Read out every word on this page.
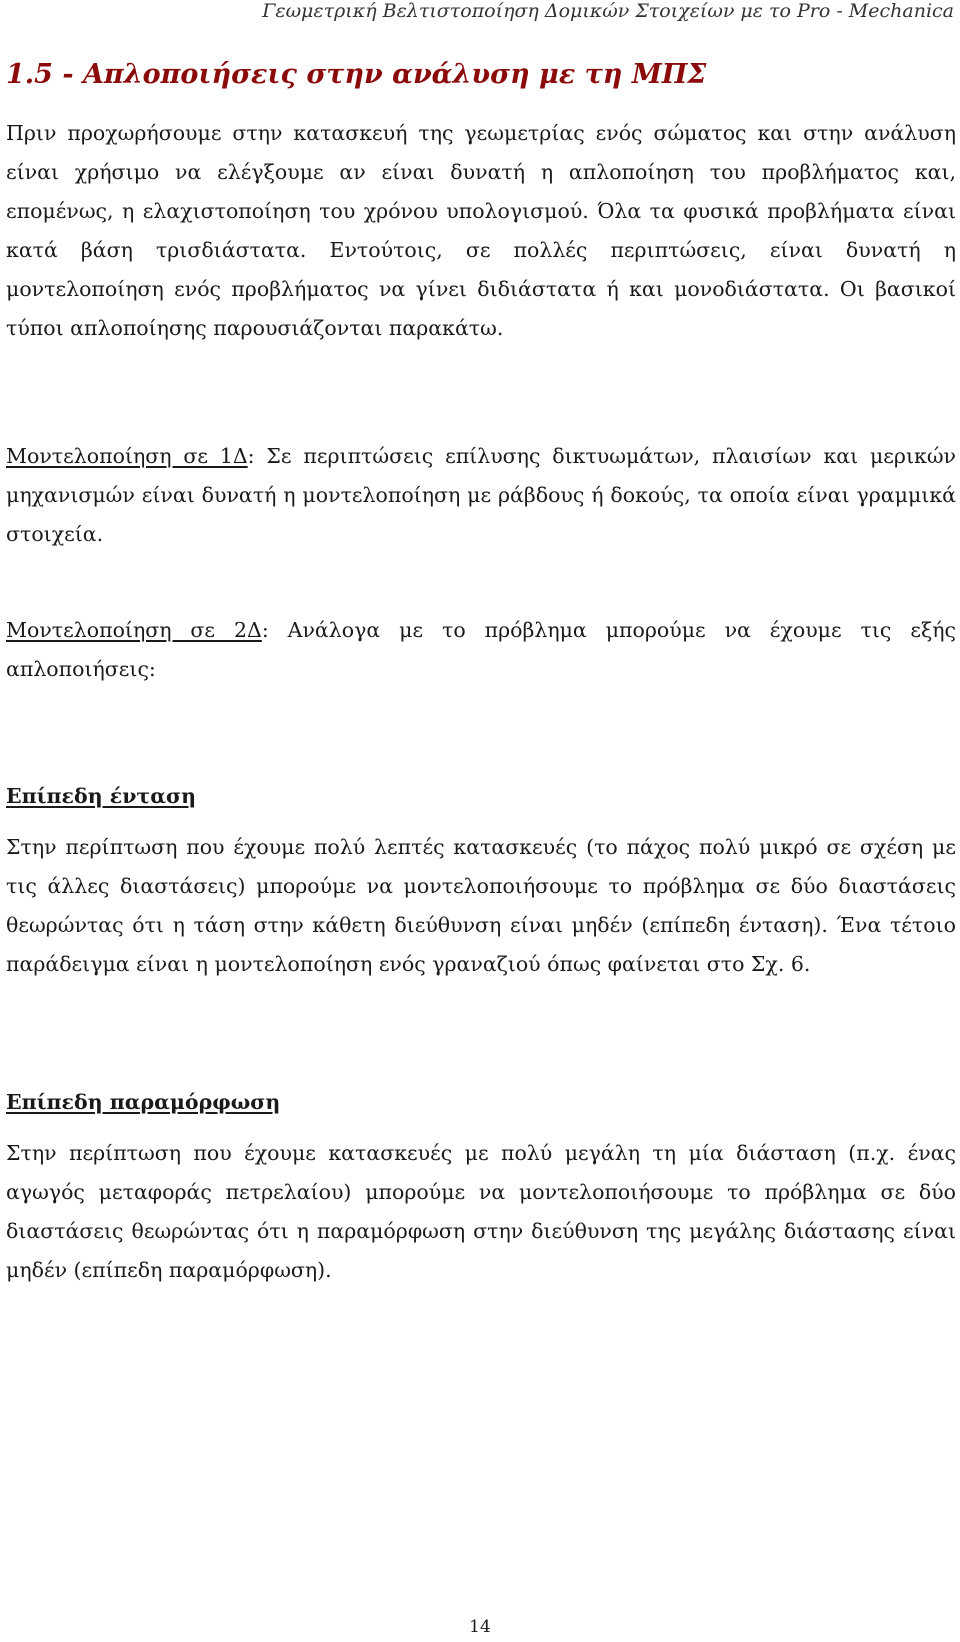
Γεωμετρική Βελτιστοποίηση Δομικών Στοιχείων με το Pro - Mechanica
1.5 - Απλοποιήσεις στην ανάλυση με τη ΜΠΣ

Πριν προχωρήσουμε στην κατασκευή της γεωμετρίας ενός σώματος και στην ανάλυση είναι χρήσιμο να ελέγξουμε αν είναι δυνατή η απλοποίηση του προβλήματος και, επομένως, η ελαχιστοποίηση του χρόνου υπολογισμού. Όλα τα φυσικά προβλήματα είναι κατά βάση τρισδιάστατα. Εντούτοις, σε πολλές περιπτώσεις, είναι δυνατή η μοντελοποίηση ενός προβλήματος να γίνει διδιάστατα ή και μονοδιάστατα. Οι βασικοί τύποι απλοποίησης παρουσιάζονται παρακάτω.

Μοντελοποίηση σε 1Δ: Σε περιπτώσεις επίλυσης δικτυωμάτων, πλαισίων και μερικών μηχανισμών είναι δυνατή η μοντελοποίηση με ράβδους ή δοκούς, τα οποία είναι γραμμικά στοιχεία.

Μοντελοποίηση σε 2Δ: Ανάλογα με το πρόβλημα μπορούμε να έχουμε τις εξής απλοποιήσεις:

Επίπεδη ένταση

Στην περίπτωση που έχουμε πολύ λεπτές κατασκευές (το πάχος πολύ μικρό σε σχέση με τις άλλες διαστάσεις) μπορούμε να μοντελοποιήσουμε το πρόβλημα σε δύο διαστάσεις θεωρώντας ότι η τάση στην κάθετη διεύθυνση είναι μηδέν (επίπεδη ένταση). Ένα τέτοιο παράδειγμα είναι η μοντελοποίηση ενός γραναζιού όπως φαίνεται στο Σχ. 6.

Επίπεδη παραμόρφωση

Στην περίπτωση που έχουμε κατασκευές με πολύ μεγάλη τη μία διάσταση (π.χ. ένας αγωγός μεταφοράς πετρελαίου) μπορούμε να μοντελοποιήσουμε το πρόβλημα σε δύο διαστάσεις θεωρώντας ότι η παραμόρφωση στην διεύθυνση της μεγάλης διάστασης είναι μηδέν (επίπεδη παραμόρφωση).

14
